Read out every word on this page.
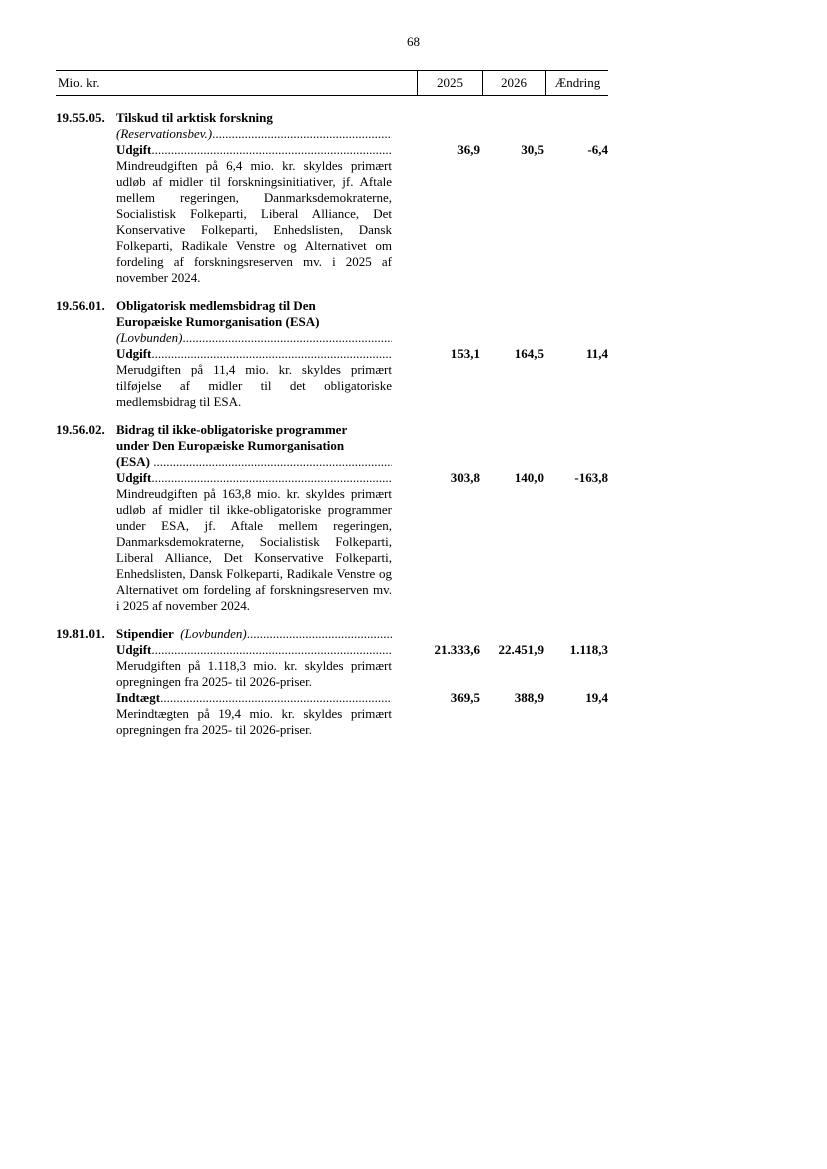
68
Mio. kr.	2025	2026	Ændring
19.55.05. Tilskud til arktisk forskning
(Reservationsbev.)
.....
Udgift .....	36,9	30,5	-6,4
Mindreudgiften på 6,4 mio. kr. skyldes primært udløb af midler til forskningsinitiativer, jf. Aftale mellem regeringen, Danmarksdemokraterne, Socialistisk Folkeparti, Liberal Alliance, Det Konservative Folkeparti, Enhedslisten, Dansk Folkeparti, Radikale Venstre og Alternativet om fordeling af forskningsreserven mv. i 2025 af november 2024.
19.56.01. Obligatorisk medlemsbidrag til Den
Europæiske Rumorganisation (ESA)
(Lovbunden)
.....
Udgift .....	153,1	164,5	11,4
Merudgiften på 11,4 mio. kr. skyldes primært tilføjelse af midler til det obligatoriske medlemsbidrag til ESA.
19.56.02. Bidrag til ikke-obligatoriske programmer
under Den Europæiske Rumorganisation
(ESA)

.....
Udgift .....	303,8	140,0 -163,8
Mindreudgiften på 163,8 mio. kr. skyldes primært udløb af midler til ikke-obligatoriske programmer under ESA, jf. Aftale mellem regeringen, Danmarksdemokraterne, Socialistisk Folkeparti, Liberal Alliance, Det Konservative Folkeparti, Enhedslisten, Dansk Folkeparti, Radikale Venstre og Alternativet om fordeling af forskningsreserven mv. i 2025 af november 2024.
19.81.01. Stipendier
(Lovbunden)
.....
Udgift .....	21.333,6 22.451,9 1.118,3
Merudgiften på 1.118,3 mio. kr. skyldes primært opregningen fra 2025- til 2026-priser.
Indtægt .....	369,5	388,9	19,4
Merindtægten på 19,4 mio. kr. skyldes primært opregningen fra 2025- til 2026-priser.
